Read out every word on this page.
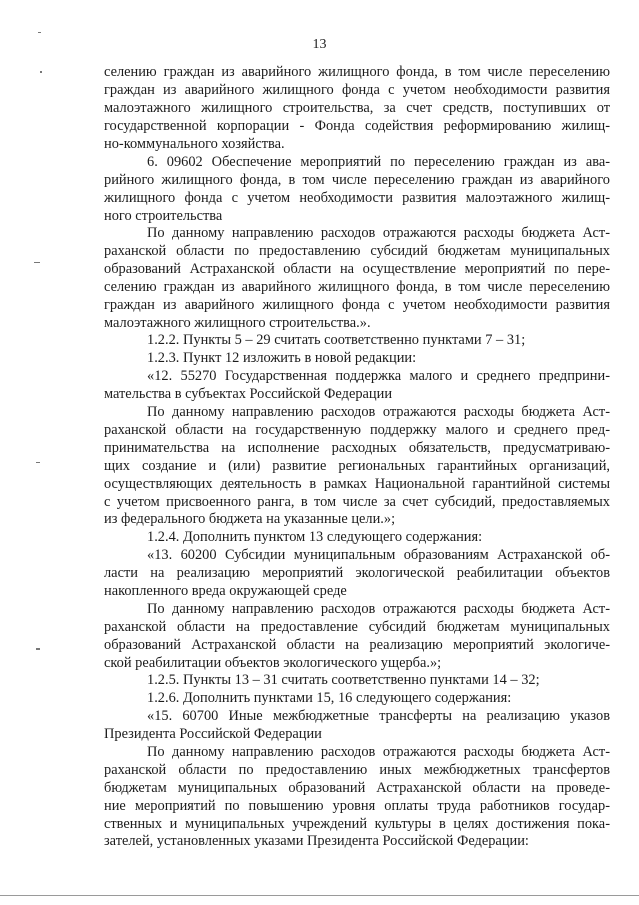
13
селению граждан из аварийного жилищного фонда, в том числе переселению
граждан из аварийного жилищного фонда с учетом необходимости развития
малоэтажного жилищного строительства, за счет средств, поступивших от
государственной корпорации - Фонда содействия реформированию жилищ-
но-коммунального хозяйства.
6. 09602 Обеспечение мероприятий по переселению граждан из ава-
рийного жилищного фонда, в том числе переселению граждан из аварийного
жилищного фонда с учетом необходимости развития малоэтажного жилищ-
ного строительства
По данному направлению расходов отражаются расходы бюджета Аст-
раханской области по предоставлению субсидий бюджетам муниципальных
образований Астраханской области на осуществление мероприятий по пере-
селению граждан из аварийного жилищного фонда, в том числе переселению
граждан из аварийного жилищного фонда с учетом необходимости развития
малоэтажного жилищного строительства.».
1.2.2. Пункты 5 – 29 считать соответственно пунктами 7 – 31;
1.2.3. Пункт 12 изложить в новой редакции:
«12. 55270 Государственная поддержка малого и среднего предприни-
мательства в субъектах Российской Федерации
По данному направлению расходов отражаются расходы бюджета Аст-
раханской области на государственную поддержку малого и среднего пред-
принимательства на исполнение расходных обязательств, предусматриваю-
щих создание и (или) развитие региональных гарантийных организаций,
осуществляющих деятельность в рамках Национальной гарантийной системы
с учетом присвоенного ранга, в том числе за счет субсидий, предоставляемых
из федерального бюджета на указанные цели.»;
1.2.4. Дополнить пунктом 13 следующего содержания:
«13. 60200 Субсидии муниципальным образованиям Астраханской об-
ласти на реализацию мероприятий экологической реабилитации объектов
накопленного вреда окружающей среде
По данному направлению расходов отражаются расходы бюджета Аст-
раханской области на предоставление субсидий бюджетам муниципальных
образований Астраханской области на реализацию мероприятий экологиче-
ской реабилитации объектов экологического ущерба.»;
1.2.5. Пункты 13 – 31 считать соответственно пунктами 14 – 32;
1.2.6. Дополнить пунктами 15, 16 следующего содержания:
«15. 60700 Иные межбюджетные трансферты на реализацию указов
Президента Российской Федерации
По данному направлению расходов отражаются расходы бюджета Аст-
раханской области по предоставлению иных межбюджетных трансфертов
бюджетам муниципальных образований Астраханской области на проведе-
ние мероприятий по повышению уровня оплаты труда работников государ-
ственных и муниципальных учреждений культуры в целях достижения пока-
зателей, установленных указами Президента Российской Федерации:
